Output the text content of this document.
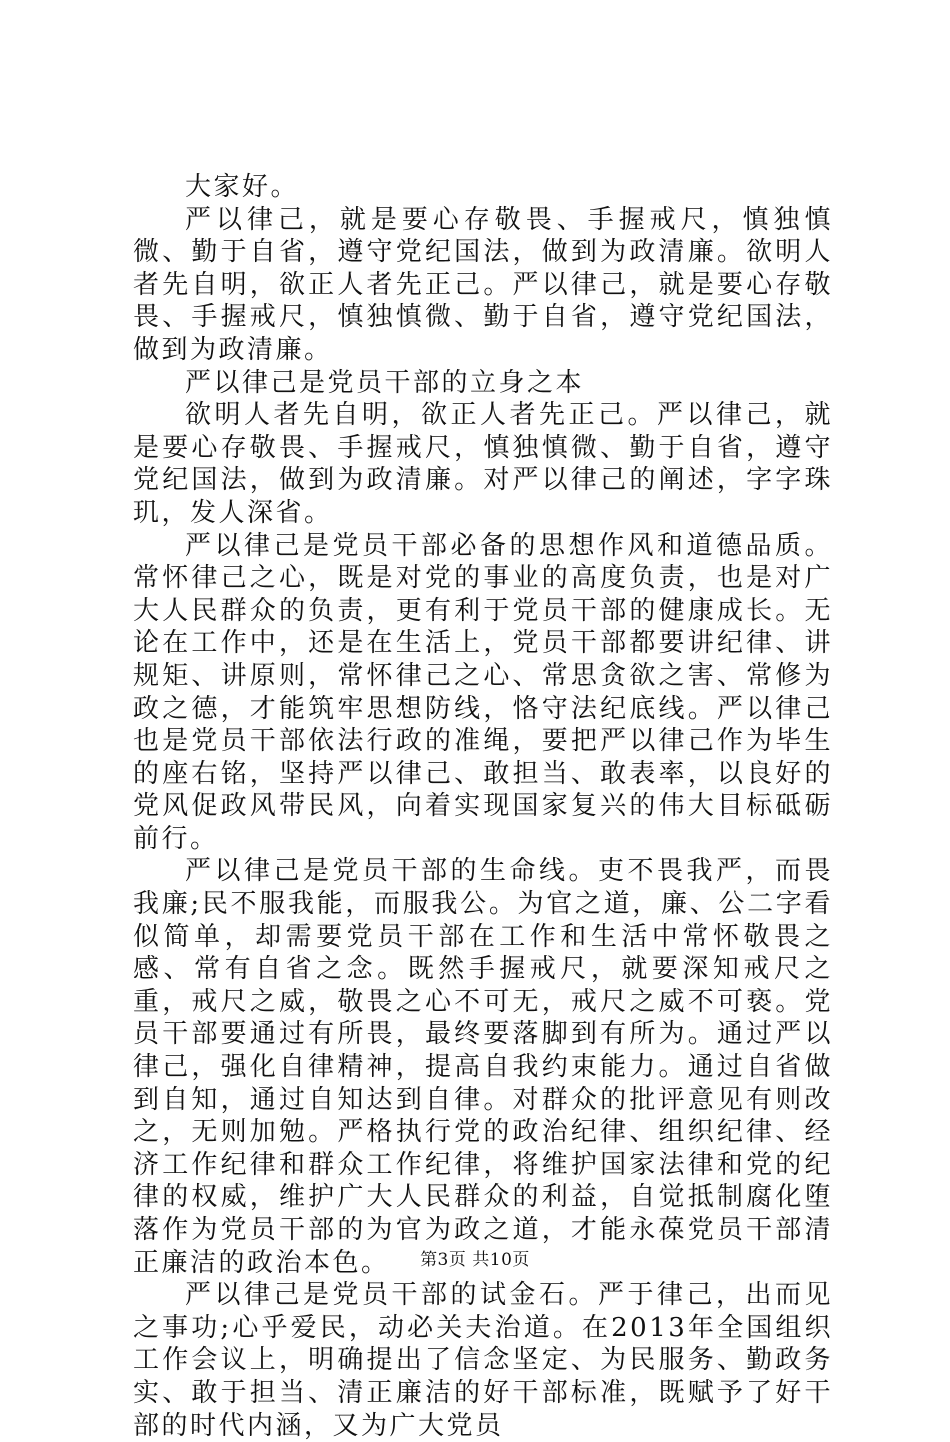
大家好。

严以律己，就是要心存敬畏、手握戒尺，慎独慎微、勤于自省，遵守党纪国法，做到为政清廉。欲明人者先自明，欲正人者先正己。严以律己，就是要心存敬畏、手握戒尺，慎独慎微、勤于自省，遵守党纪国法，做到为政清廉。

严以律己是党员干部的立身之本

欲明人者先自明，欲正人者先正己。严以律己，就是要心存敬畏、手握戒尺，慎独慎微、勤于自省，遵守党纪国法，做到为政清廉。对严以律己的阐述，字字珠玑，发人深省。

严以律己是党员干部必备的思想作风和道德品质。常怀律己之心，既是对党的事业的高度负责，也是对广大人民群众的负责，更有利于党员干部的健康成长。无论在工作中，还是在生活上，党员干部都要讲纪律、讲规矩、讲原则，常怀律己之心、常思贪欲之害、常修为政之德，才能筑牢思想防线，恪守法纪底线。严以律己也是党员干部依法行政的准绳，要把严以律己作为毕生的座右铭，坚持严以律己、敢担当、敢表率，以良好的党风促政风带民风，向着实现国家复兴的伟大目标砥砺前行。

严以律己是党员干部的生命线。吏不畏我严，而畏我廉;民不服我能，而服我公。为官之道，廉、公二字看似简单，却需要党员干部在工作和生活中常怀敬畏之感、常有自省之念。既然手握戒尺，就要深知戒尺之重，戒尺之威，敬畏之心不可无，戒尺之威不可亵。党员干部要通过有所畏，最终要落脚到有所为。通过严以律己，强化自律精神，提高自我约束能力。通过自省做到自知，通过自知达到自律。对群众的批评意见有则改之，无则加勉。严格执行党的政治纪律、组织纪律、经济工作纪律和群众工作纪律，将维护国家法律和党的纪律的权威，维护广大人民群众的利益，自觉抵制腐化堕落作为党员干部的为官为政之道，才能永葆党员干部清正廉洁的政治本色。

严以律己是党员干部的试金石。严于律己，出而见之事功;心乎爱民，动必关夫治道。在2013年全国组织工作会议上，明确提出了信念坚定、为民服务、勤政务实、敢于担当、清正廉洁的好干部标准，既赋予了好干部的时代内涵，又为广大党员

第3页 共10页
